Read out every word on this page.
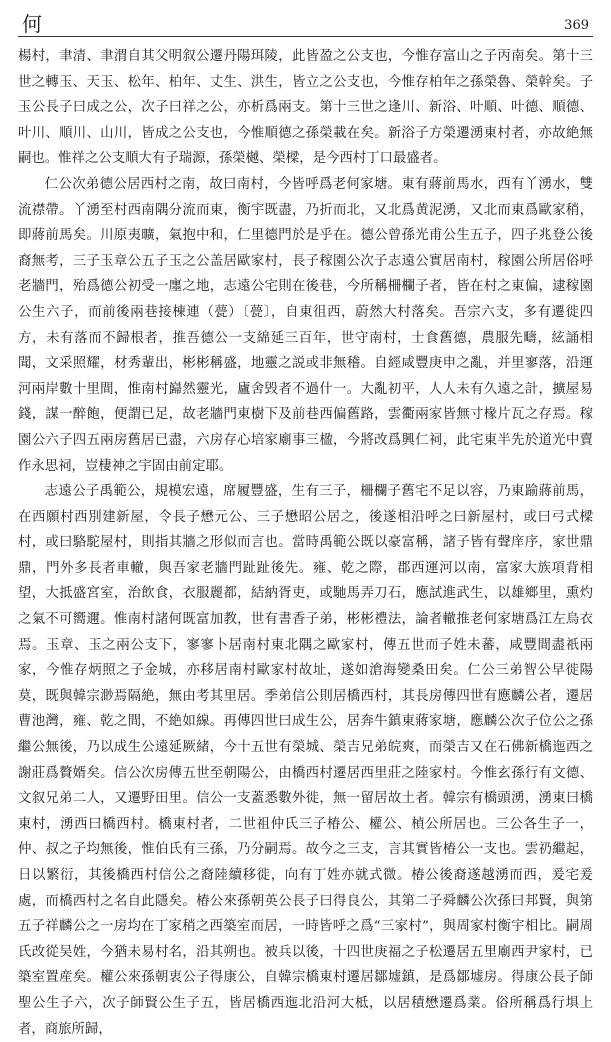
何	369

楊村，聿清、聿渭自其父明叙公遷丹陽珥陵，此皆盈之公支也，今惟存富山之子丙南矣。第十三世之轉玉、天玉、松年、柏年、丈生、洪生，皆立之公支也，今惟存柏年之孫榮魯、榮幹矣。子玉公長子曰成之公，次子曰祥之公，亦析爲兩支。第十三世之逢川、新浴、叶順、叶德、順德、叶川、順川、山川，皆成之公支也，今惟順德之孫榮載在矣。新浴子方榮遷湧東村者，亦故絶無嗣也。惟祥之公支順大有子瑞源，孫榮樾、榮樑，是今西村丁口最盛者。

仁公次弟德公居西村之南，故曰南村，今皆呼爲老何家塘。東有蔣前馬水，西有丫湧水，雙流襟帶。丫湧至村西南隅分流而東，衡宇既盡，乃折而北，又北爲黄泥湧，又北而東爲歐家稍，即蔣前馬矣。川原夷曠，氣抱中和，仁里德門於是乎在。德公曾孫光甫公生五子，四子兆登公後裔無考，三子玉章公五子玉之公盖居歐家村，長子稼園公次子志遠公實居南村，稼園公所居俗呼老牆門，殆爲德公初受一廛之地，志遠公宅則在後巷，今所稱柵欄子者，皆在村之東偏，逮稼園公生六子，而前後兩巷接棟連（甍）〔甍〕，自東徂西，蔚然大村落矣。吾宗六支，多有遷徙四方，未有落而不歸根者，推吾德公一支綿延三百年，世守南村，士食舊德，農服先疇，絃誦相聞，文采照耀，材秀輩出，彬彬稱盛，地靈之説或非無稽。自經咸豐庚申之亂，并里寥落，沿運河兩岸數十里間，惟南村巋然靈光，廬舍毁者不過什一。大亂初平，人人未有久遠之計，擴屋易錢，謀一醉飽，便謂已足，故老牆門東樹下及前巷西偏舊路，雲衢兩家皆無寸椽片瓦之存焉。稼園公六子四五兩房舊居已盡，六房存心培家廟事三楹，今將改爲興仁祠，此宅東半先於道光中賣作永思祠，豈棲神之宇固由前定耶。

志遠公子禹範公，規模宏遠，席履豐盛，生有三子，柵欄子舊宅不足以容，乃東踰蔣前馬，在西願村西別建新屋，令長子懋元公、三子懋昭公居之，後遂相沿呼之曰新屋村，或曰弓式樑村，或曰駱駝屋村，則指其牆之形似而言也。當時禹範公既以豪富稱，諸子皆有聲庠序，家世鼎鼎，門外多長者車轍，與吾家老牆門趾趾後先。雍、乾之際，郡西運河以南，富家大族項背相望，大抵盛宮室，治飲食，衣服麗都，結納胥吏，或馳馬弄刀石，應試進武生，以雄鄉里，熏灼之氣不可嚮邇。惟南村諸何既富加教，世有書香子弟，彬彬禮法，論者轍推老何家塘爲江左烏衣焉。玉章、玉之兩公支下，寥寥卜居南村東北隅之歐家村，傳五世而子姓未蕃，咸豐間盡祇兩家，今惟存炳照之子金城，亦移居南村歐家村故址，遂如滄海變桑田矣。仁公三弟智公早徙陽莫，既與韓宗渺焉隔絶，無由考其里居。季弟信公則居橋西村，其長房傳四世有應麟公者，遷居曹池灣，雍、乾之間，不絶如線。再傳四世曰成生公，居奔牛鎮東蔣家塘，應麟公次子位公之孫繼公無後，乃以成生公遠延厥緒，今十五世有榮城、榮吉兄弟皖爽，而榮吉又在石佛新橋迤西之謝莊爲贅婿矣。信公次房傳五世至朝陽公，由橋西村遷居西里莊之陸家村。今惟玄孫行有文德、文叙兄弟二人，又遷野田里。信公一支蓋悉數外徙，無一留居故土者。韓宗有橋頭湧，湧東曰橋東村，湧西曰橋西村。橋東村者，二世祖仲氏三子椿公、權公、楨公所居也。三公各生子一，仲、叔之子均無後，惟伯氏有三孫，乃分嗣焉。故今之三支，言其實皆椿公一支也。雲礽繼起，日以繁衍，其後橋西村信公之裔陸續移徙，向有丁姓亦就式微。椿公後裔遂越湧而西，爰宅爰處，而橋西村之名自此隱矣。椿公來孫朝英公長子曰得良公，其第二子舜麟公次孫曰邦賢，與第五子祥麟公之一房均在丁家稍之西築室而居，一時皆呼之爲“三家村”，與周家村衡宇相比。嗣周氏改從吴姓，今猶未易村名，沿其朔也。被兵以後，十四世庚福之子松遷居五里廟西尹家村，已築室置産矣。權公來孫朝衷公子得康公，自韓宗橋東村遷居鄒墟鎮，是爲鄒墟房。得康公長子師聖公生子六，次子師賢公生子五，皆居橋西迤北沿河大柢，以居積懋遷爲業。俗所稱爲行埧上者，商旅所歸，
